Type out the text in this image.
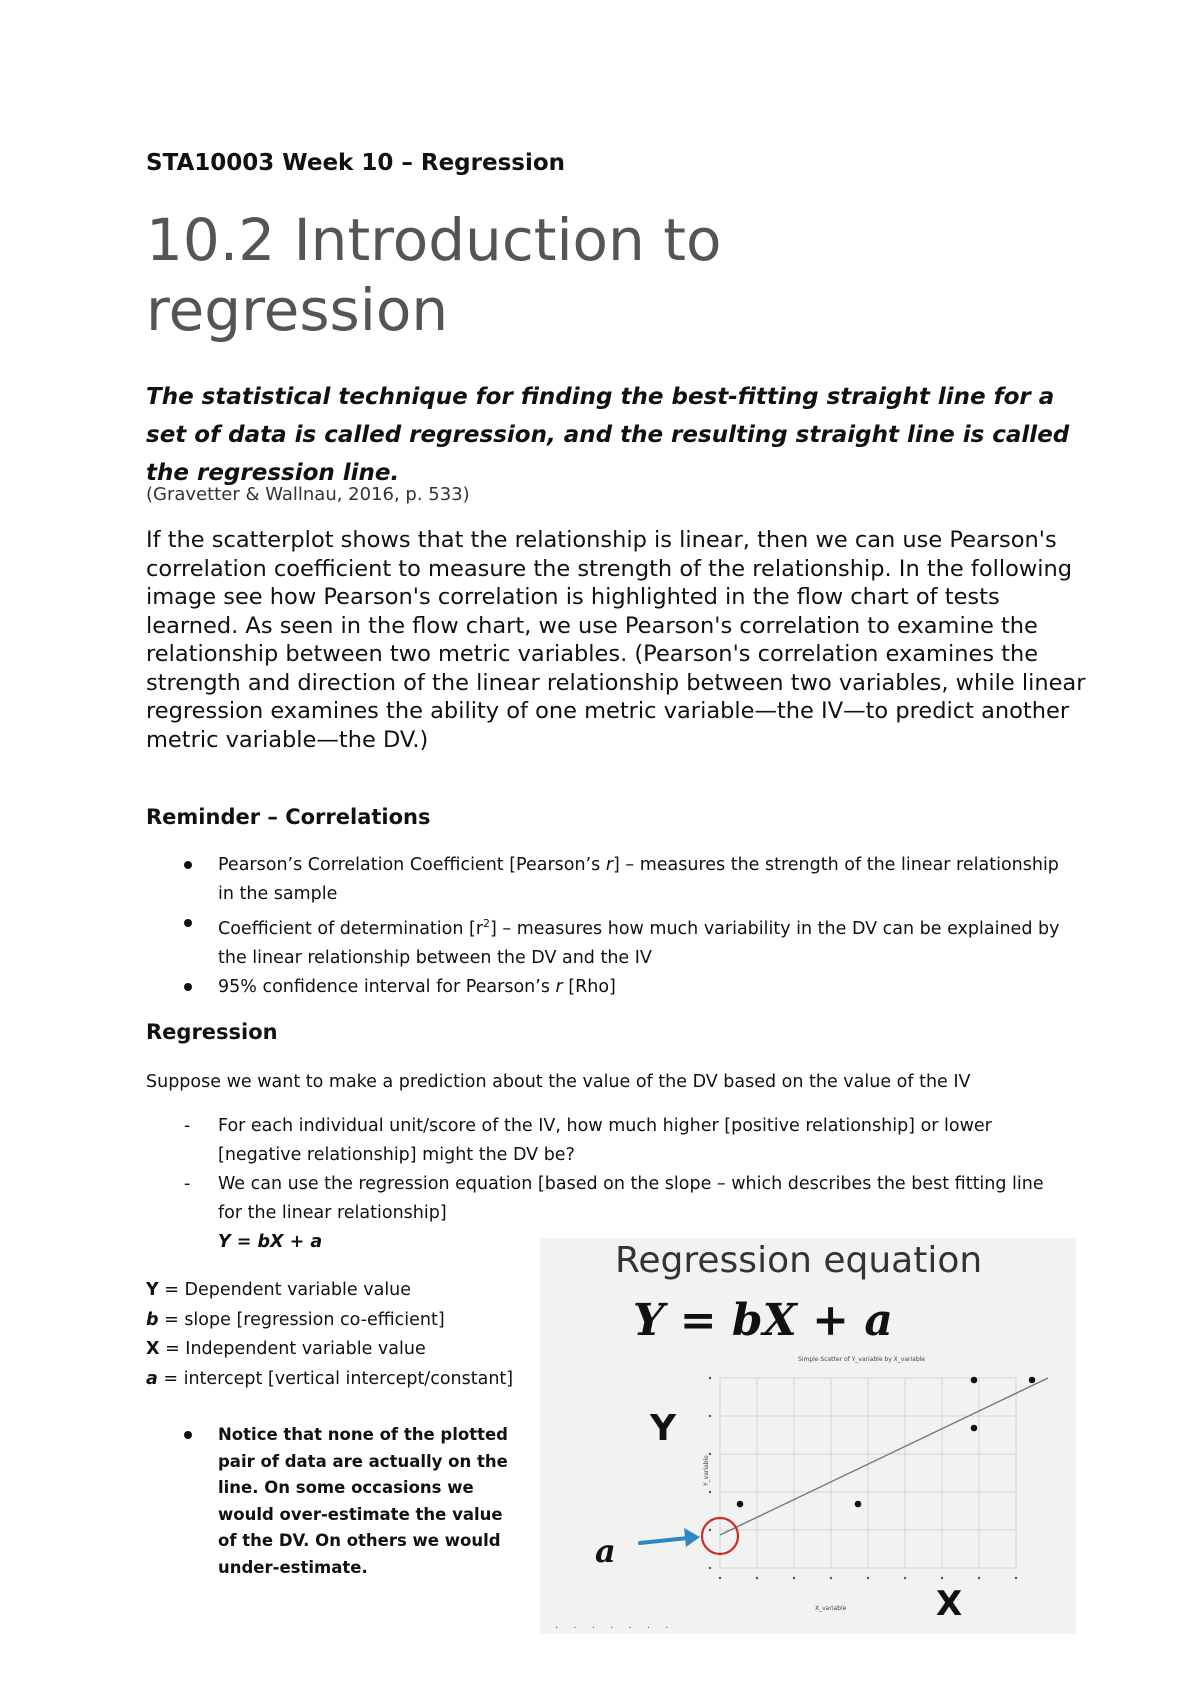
STA10003 Week 10 – Regression
10.2 Introduction to regression
The statistical technique for finding the best-fitting straight line for a set of data is called regression, and the resulting straight line is called the regression line.
(Gravetter & Wallnau, 2016, p. 533)
If the scatterplot shows that the relationship is linear, then we can use Pearson's correlation coefficient to measure the strength of the relationship. In the following image see how Pearson's correlation is highlighted in the flow chart of tests learned. As seen in the flow chart, we use Pearson's correlation to examine the relationship between two metric variables. (Pearson's correlation examines the strength and direction of the linear relationship between two variables, while linear regression examines the ability of one metric variable—the IV—to predict another metric variable—the DV.)
Reminder – Correlations
Pearson’s Correlation Coefficient [Pearson’s r] – measures the strength of the linear relationship in the sample
Coefficient of determination $[r^2]$ – measures how much variability in the DV can be explained by the linear relationship between the DV and the IV
95% confidence interval for Pearson’s r [Rho]
Regression
Suppose we want to make a prediction about the value of the DV based on the value of the IV
- For each individual unit/score of the IV, how much higher [positive relationship] or lower [negative relationship] might the DV be?
- We can use the regression equation [based on the slope – which describes the best fitting line for the linear relationship]
Y = bX + a
Y = Dependent variable value
b = slope [regression co-efficient]
X = Independent variable value
a = intercept [vertical intercept/constant]
Notice that none of the plotted pair of data are actually on the line. On some occasions we would over-estimate the value of the DV. On others we would under-estimate.
Regression equation
Y = bX + a
Y
a
X
Simple Scatter of Y_variable by X_variable
X_variable
Y_variable
. . . . . . .
